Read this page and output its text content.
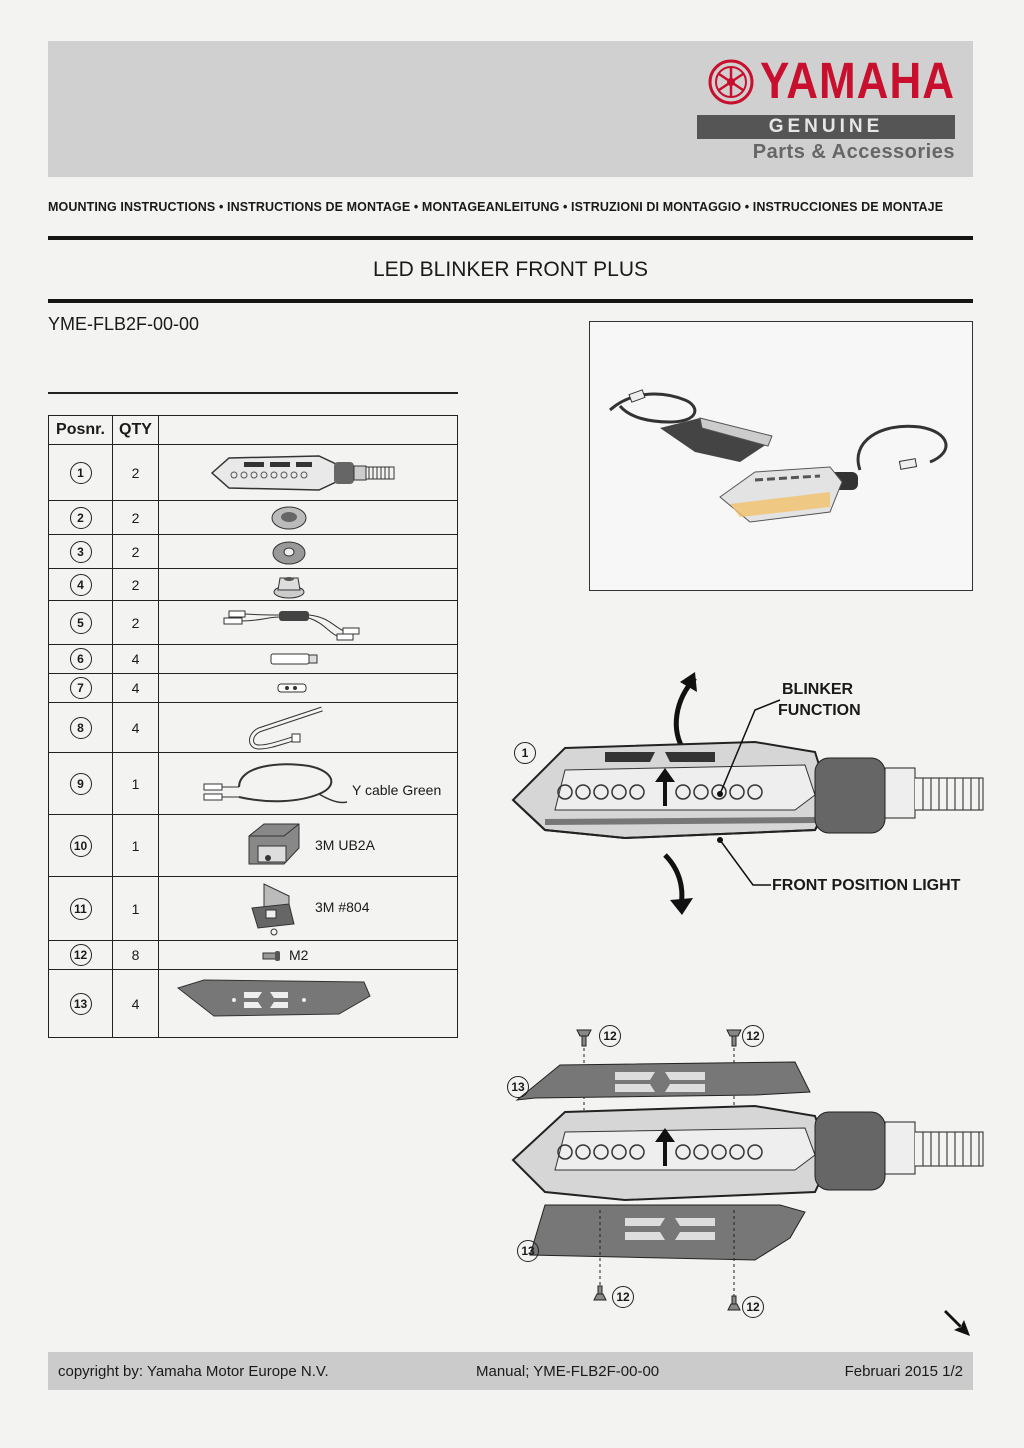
YAMAHA
GENUINE
Parts & Accessories
MOUNTING INSTRUCTIONS • INSTRUCTIONS DE MONTAGE • MONTAGEANLEITUNG • ISTRUZIONI DI MONTAGGIO • INSTRUCCIONES DE MONTAJE
LED BLINKER FRONT PLUS
YME-FLB2F-00-00
Posnr.	QTY	
1	2	

2	2	

3	2	

4	2	

5	2	

6	4	

7	4	

8	4	

9	1	Y cable Green

10	1	3M UB2A

11	1	3M #804

12	8	M2

13	4	
BLINKER
FUNCTION
FRONT POSITION LIGHT
1
12	12
13
13
12
12
copyright by: Yamaha Motor Europe N.V.	Manual; YME-FLB2F-00-00	Februari 2015 1/2
